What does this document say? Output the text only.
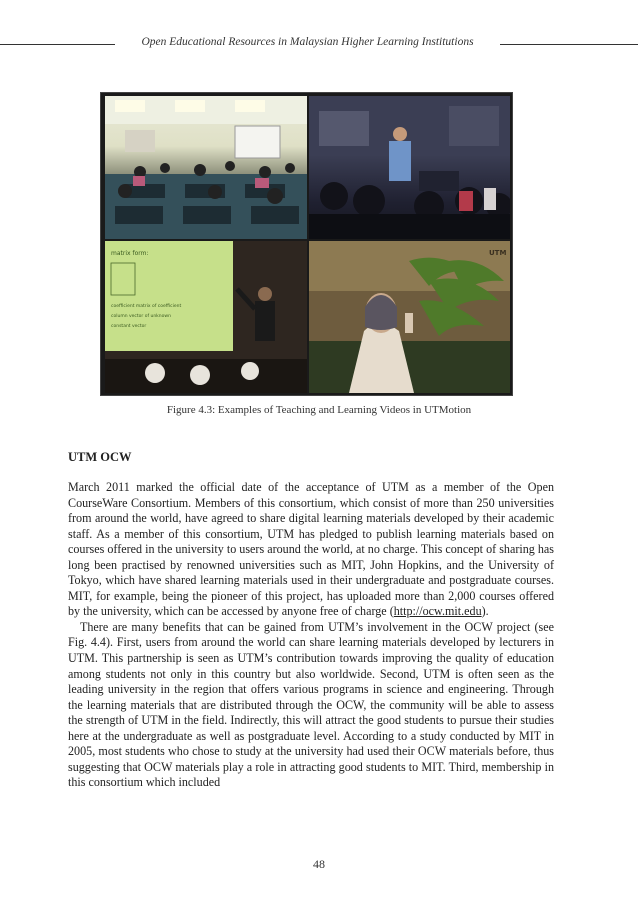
Open Educational Resources in Malaysian Higher Learning Institutions
matrix form:
coefficient matrix of coefficient
column vector of unknown
constant vector
UTM
Figure 4.3: Examples of Teaching and Learning Videos in UTMotion
UTM OCW

March 2011 marked the official date of the acceptance of UTM as a member of the Open CourseWare Consortium. Members of this consortium, which consist of more than 250 universities from around the world, have agreed to share digital learning materials developed by their academic staff. As a member of this consortium, UTM has pledged to publish learning materials based on courses offered in the university to users around the world, at no charge. This concept of sharing has long been practised by renowned universities such as MIT, John Hopkins, and the University of Tokyo, which have shared learning materials used in their undergraduate and postgraduate courses. MIT, for example, being the pioneer of this project, has uploaded more than 2,000 courses offered by the university, which can be accessed by anyone free of charge (http://ocw.mit.edu).

There are many benefits that can be gained from UTM’s involvement in the OCW project (see Fig. 4.4). First, users from around the world can share learning materials developed by lecturers in UTM. This partnership is seen as UTM’s contribution towards improving the quality of education among students not only in this country but also worldwide. Second, UTM is often seen as the leading university in the region that offers various programs in science and engineering. Through the learning materials that are distributed through the OCW, the community will be able to assess the strength of UTM in the field. Indirectly, this will attract the good students to pursue their studies here at the undergraduate as well as postgraduate level. According to a study conducted by MIT in 2005, most students who chose to study at the university had used their OCW materials before, thus suggesting that OCW materials play a role in attracting good students to MIT. Third, membership in this consortium which included

48
